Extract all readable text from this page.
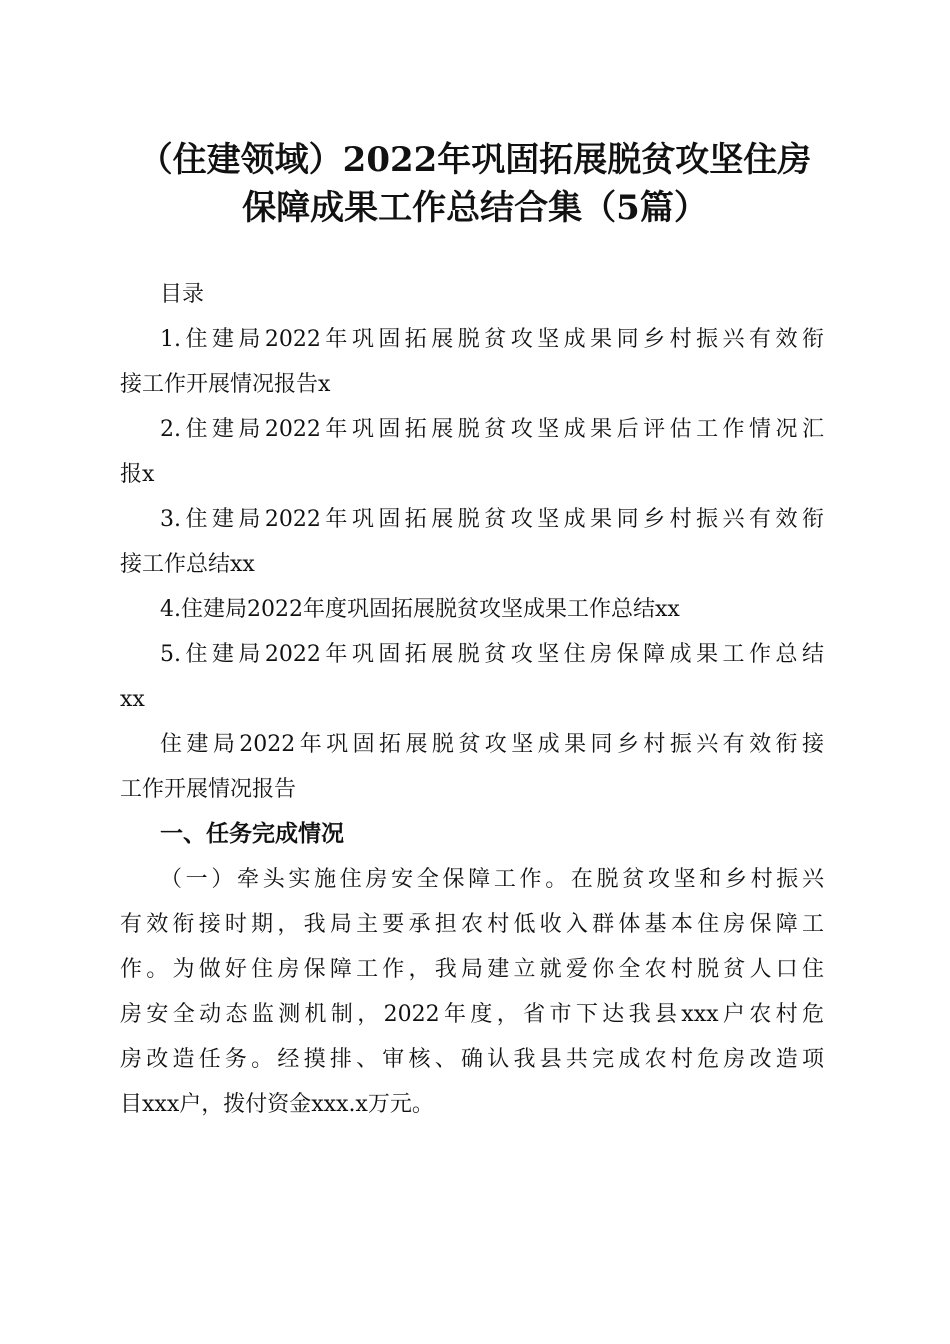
（住建领域）2022年巩固拓展脱贫攻坚住房
保障成果工作总结合集（5篇）
目录
1.住建局2022年巩固拓展脱贫攻坚成果同乡村振兴有效衔
接工作开展情况报告x
2.住建局2022年巩固拓展脱贫攻坚成果后评估工作情况汇
报x
3.住建局2022年巩固拓展脱贫攻坚成果同乡村振兴有效衔
接工作总结xx
4.住建局2022年度巩固拓展脱贫攻坚成果工作总结xx
5.住建局2022年巩固拓展脱贫攻坚住房保障成果工作总结
xx
住建局2022年巩固拓展脱贫攻坚成果同乡村振兴有效衔接
工作开展情况报告
一、任务完成情况
（一）牵头实施住房安全保障工作。在脱贫攻坚和乡村振兴
有效衔接时期，我局主要承担农村低收入群体基本住房保障工
作。为做好住房保障工作，我局建立就爱你全农村脱贫人口住
房安全动态监测机制，2022年度，省市下达我县xxx户农村危
房改造任务。经摸排、审核、确认我县共完成农村危房改造项
目xxx户，拨付资金xxx.x万元。
